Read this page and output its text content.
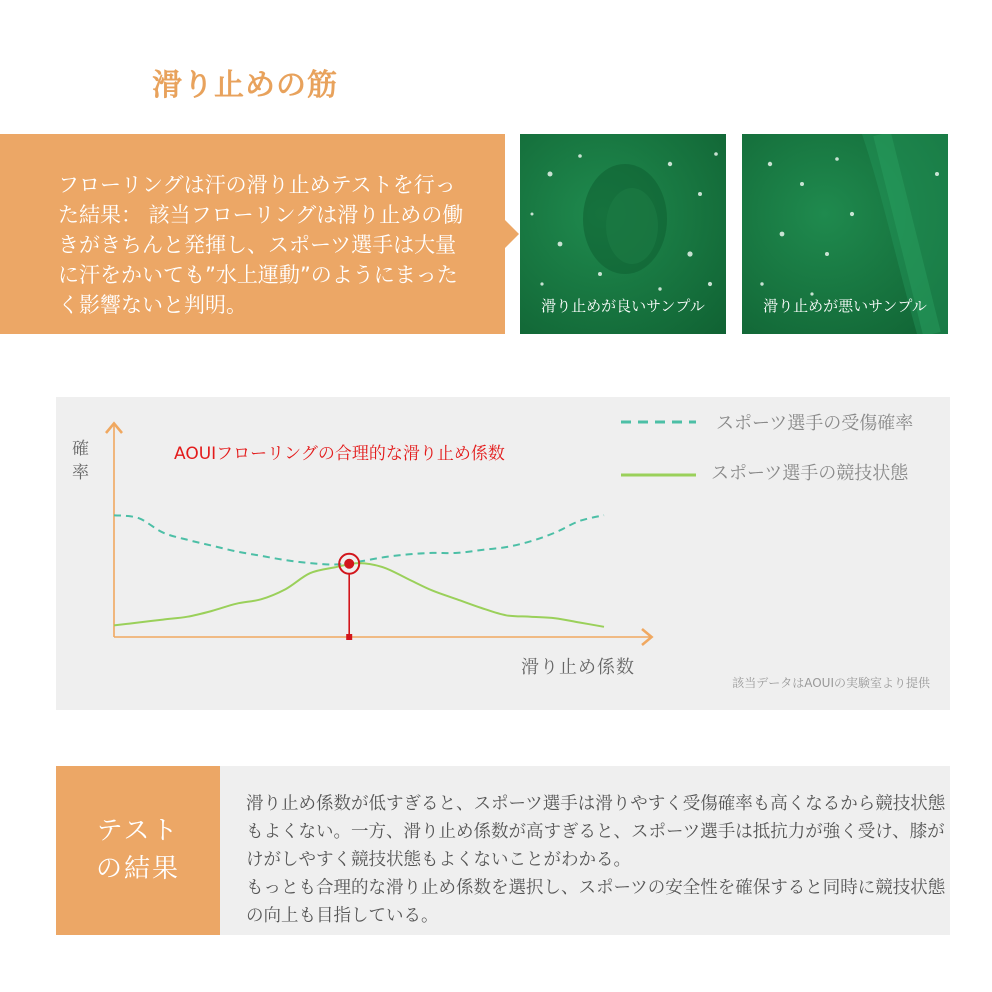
滑り止めの筋
フローリングは汗の滑り止めテストを行った結果： 該当フローリングは滑り止めの働きがきちんと発揮し、スポーツ選手は大量に汗をかいても”水上運動”のようにまったく影響ないと判明。	滑り止めが良いサンプル	滑り止めが悪いサンプル
確率
滑り止め係数
AOUIフローリングの合理的な滑り止め係数
該当データはAOUIの実験室より提供
スポーツ選手の受傷確率
スポーツ選手の競技状態
テスト
の結果
滑り止め係数が低すぎると、スポーツ選手は滑りやすく受傷確率も高くなるから競技状態もよくない。一方、滑り止め係数が高すぎると、スポーツ選手は抵抗力が強く受け、膝がけがしやすく競技状態もよくないことがわかる。
もっとも合理的な滑り止め係数を選択し、スポーツの安全性を確保すると同時に競技状態の向上も目指している。
